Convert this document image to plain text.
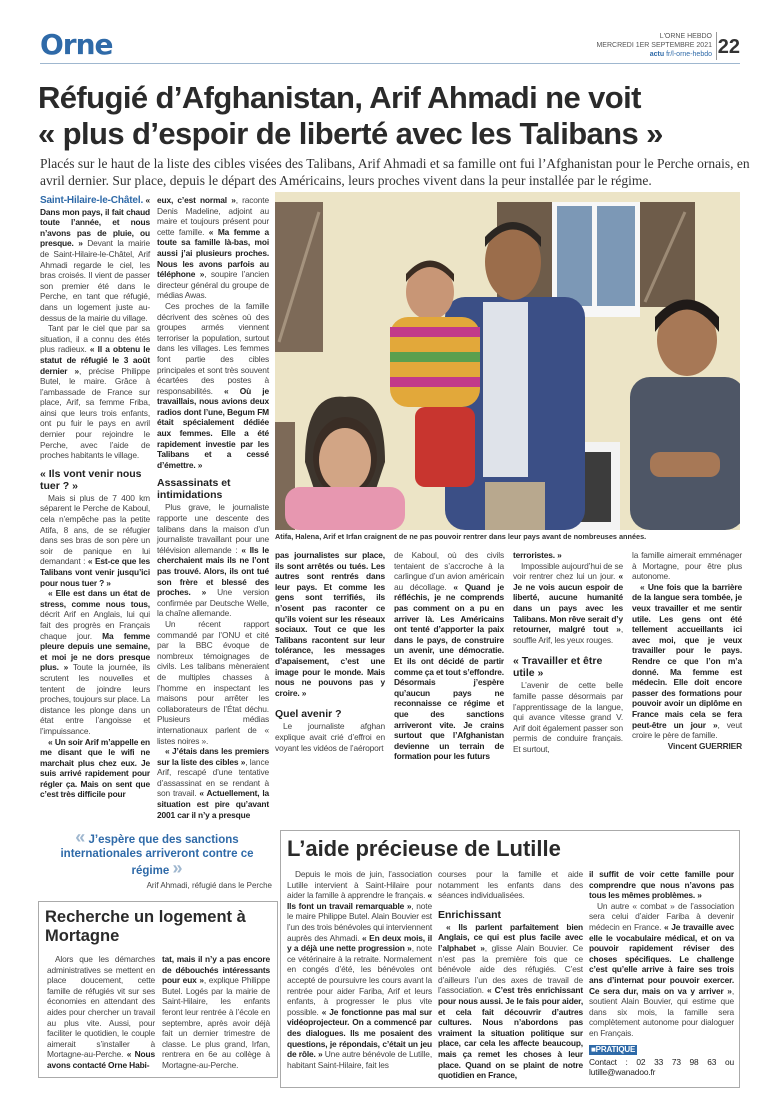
Orne	L'ORNE HEBDO
MERCREDI 1ER SEPTEMBRE 2021
actu fr/l-orne-hebdo 22
Réfugié d’Afghanistan, Arif Ahmadi ne voit
« plus d’espoir de liberté avec les Talibans »
Placés sur le haut de la liste des cibles visées des Talibans, Arif Ahmadi et sa famille ont fui l’Afghanistan pour le Perche ornais, en avril dernier. Sur place, depuis le départ des Américains, leurs proches vivent dans la peur installée par le régime.

Saint-Hilaire-le-Châtel. « Dans mon pays, il fait chaud toute l’année, et nous n’avons pas de pluie, ou presque. » Devant la mairie de Saint-Hilaire-le-Châtel, Arif Ahmadi regarde le ciel, les bras croisés. Il vient de passer son premier été dans le Perche, en tant que réfugié, dans un logement juste au-dessus de la mairie du village.

Tant par le ciel que par sa situation, il a connu des étés plus radieux. « Il a obtenu le statut de réfugié le 3 août dernier », précise Philippe Butel, le maire. Grâce à l’ambassade de France sur place, Arif, sa femme Friba, ainsi que leurs trois enfants, ont pu fuir le pays en avril dernier pour rejoindre le Perche, avec l’aide de proches habitants le village.

« Ils vont venir nous tuer ? »

Mais si plus de 7 400 km séparent le Perche de Kaboul, cela n’empêche pas la petite Atifa, 8 ans, de se réfugier dans ses bras de son père un soir de panique en lui demandant : « Est-ce que les Talibans vont venir jusqu’ici pour nous tuer ? »

« Elle est dans un état de stress, comme nous tous, décrit Arif en Anglais, lui qui fait des progrès en Français chaque jour. Ma femme pleure depuis une semaine, et moi je ne dors presque plus. » Toute la journée, ils scrutent les nouvelles et tentent de joindre leurs proches, toujours sur place. La distance les plonge dans un état entre l’angoisse et l’impuissance.

« Un soir Arif m’appelle en me disant que le wifi ne marchait plus chez eux. Je suis arrivé rapidement pour régler ça. Mais on sent que c’est très difficile pour

eux, c’est normal », raconte Denis Madeline, adjoint au maire et toujours présent pour cette famille. « Ma femme a toute sa famille là-bas, moi aussi j’ai plusieurs proches. Nous les avons parfois au téléphone », soupire l’ancien directeur général du groupe de médias Awas.

Ces proches de la famille décrivent des scènes où des groupes armés viennent terroriser la population, surtout dans les villages. Les femmes font partie des cibles principales et sont très souvent écartées des postes à responsabilités. « Où je travaillais, nous avions deux radios dont l’une, Begum FM était spécialement dédiée aux femmes. Elle a été rapidement investie par les Talibans et a cessé d’émettre. »

Assassinats et intimidations

Plus grave, le journaliste rapporte une descente des talibans dans la maison d’un journaliste travaillant pour une télévision allemande : « Ils le cherchaient mais ils ne l’ont pas trouvé. Alors, ils ont tué son frère et blessé des proches. » Une version confirmée par Deutsche Welle, la chaîne allemande.

Un récent rapport commandé par l’ONU et cité par la BBC évoque de nombreux témoignages de civils. Les talibans mèneraient de multiples chasses à l’homme en inspectant les maisons pour arrêter les collaborateurs de l’État déchu. Plusieurs médias internationaux parlent de « listes noires ».

« J’étais dans les premiers sur la liste des cibles », lance Arif, rescapé d’une tentative d’assassinat en se rendant à son travail. « Actuellement, la situation est pire qu’avant 2001 car il n’y a presque

Atifa, Halena, Arif et Irfan craignent de ne pas pouvoir rentrer dans leur pays avant de nombreuses années.

pas journalistes sur place, ils sont arrêtés ou tués. Les autres sont rentrés dans leur pays. Et comme les gens sont terrifiés, ils n’osent pas raconter ce qu’ils voient sur les réseaux sociaux. Tout ce que les Talibans racontent sur leur tolérance, les messages d’apaisement, c’est une image pour le monde. Mais nous ne pouvons pas y croire. »

Quel avenir ?

Le journaliste afghan explique avait crié d’effroi en voyant les vidéos de l’aéroport

de Kaboul, où des civils tentaient de s’accroche à la carlingue d’un avion américain au décollage. « Quand je réfléchis, je ne comprends pas comment on a pu en arriver là. Les Américains ont tenté d’apporter la paix dans le pays, de construire un avenir, une démocratie. Et ils ont décidé de partir comme ça et tout s’effondre. Désormais j’espère qu’aucun pays ne reconnaisse ce régime et que des sanctions arriveront vite. Je crains surtout que l’Afghanistan devienne un terrain de formation pour les futurs

terroristes. »

Impossible aujourd’hui de se voir rentrer chez lui un jour. « Je ne vois aucun espoir de liberté, aucune humanité dans un pays avec les Talibans. Mon rêve serait d’y retourner, malgré tout », souffle Arif, les yeux rouges.

« Travailler et être utile »

L’avenir de cette belle famille passe désormais par l’apprentissage de la langue, qui avance vitesse grand V. Arif doit également passer son permis de conduire français. Et surtout,

la famille aimerait emménager à Mortagne, pour être plus autonome.

« Une fois que la barrière de la langue sera tombée, je veux travailler et me sentir utile. Les gens ont été tellement accueillants ici avec moi, que je veux travailler pour le pays. Rendre ce que l’on m’a donné. Ma femme est médecin. Elle doit encore passer des formations pour pouvoir avoir un diplôme en France mais cela se fera peut-être un jour », veut croire le père de famille.

Vincent GUERRIER

« J’espère que des sanctions internationales arriveront contre ce régime »
Arif Ahmadi, réfugié dans le Perche
Recherche un logement à Mortagne

Alors que les démarches administratives se mettent en place doucement, cette famille de réfugiés vit sur ses économies en attendant des aides pour chercher un travail au plus vite. Aussi, pour faciliter le quotidien, le couple aimerait s’installer à Mortagne-au-Perche. « Nous avons contacté Orne Habi-

tat, mais il n’y a pas encore de débouchés intéressants pour eux », explique Philippe Butel. Logés par la mairie de Saint-Hilaire, les enfants feront leur rentrée à l’école en septembre, après avoir déjà fait un dernier trimestre de classe. Le plus grand, Irfan, rentrera en 6e au collège à Mortagne-au-Perche.

L’aide précieuse de Lutille

Depuis le mois de juin, l’association Lutille intervient à Saint-Hilaire pour aider la famille à apprendre le français. « Ils font un travail remarquable », note le maire Philippe Butel. Alain Bouvier est l’un des trois bénévoles qui interviennent auprès des Ahmadi. « En deux mois, il y a déjà une nette progression », note ce vétérinaire à la retraite. Normalement en congés d’été, les bénévoles ont accepté de poursuivre les cours avant la rentrée pour aider Fariba, Arif et leurs enfants, à progresser le plus vite possible. « Je fonctionne pas mal sur vidéoprojecteur. On a commencé par des dialogues. Ils me posaient des questions, je répondais, c’était un jeu de rôle. » Une autre bénévole de Lutille, habitant Saint-Hilaire, fait les

courses pour la famille et aide notamment les enfants dans des séances individualisées.

Enrichissant

« Ils parlent parfaitement bien Anglais, ce qui est plus facile avec l’alphabet », glisse Alain Bouvier. Ce n’est pas la première fois que ce bénévole aide des réfugiés. C’est d’ailleurs l’un des axes de travail de l’association. « C’est très enrichissant pour nous aussi. Je le fais pour aider, et cela fait découvrir d’autres cultures. Nous n’abordons pas vraiment la situation politique sur place, car cela les affecte beaucoup, mais ça remet les choses à leur place. Quand on se plaint de notre quotidien en France,

il suffit de voir cette famille pour comprendre que nous n’avons pas tous les mêmes problèmes. »

Un autre « combat » de l’association sera celui d’aider Fariba à devenir médecin en France. « Je travaille avec elle le vocabulaire médical, et on va pouvoir rapidement réviser des choses spécifiques. Le challenge c’est qu’elle arrive à faire ses trois ans d’internat pour pouvoir exercer. Ce sera dur, mais on va y arriver », soutient Alain Bouvier, qui estime que dans six mois, la famille sera complètement autonome pour dialoguer en Français.

■PRATIQUE

Contact : 02 33 73 98 63 ou lutille@wanadoo.fr
